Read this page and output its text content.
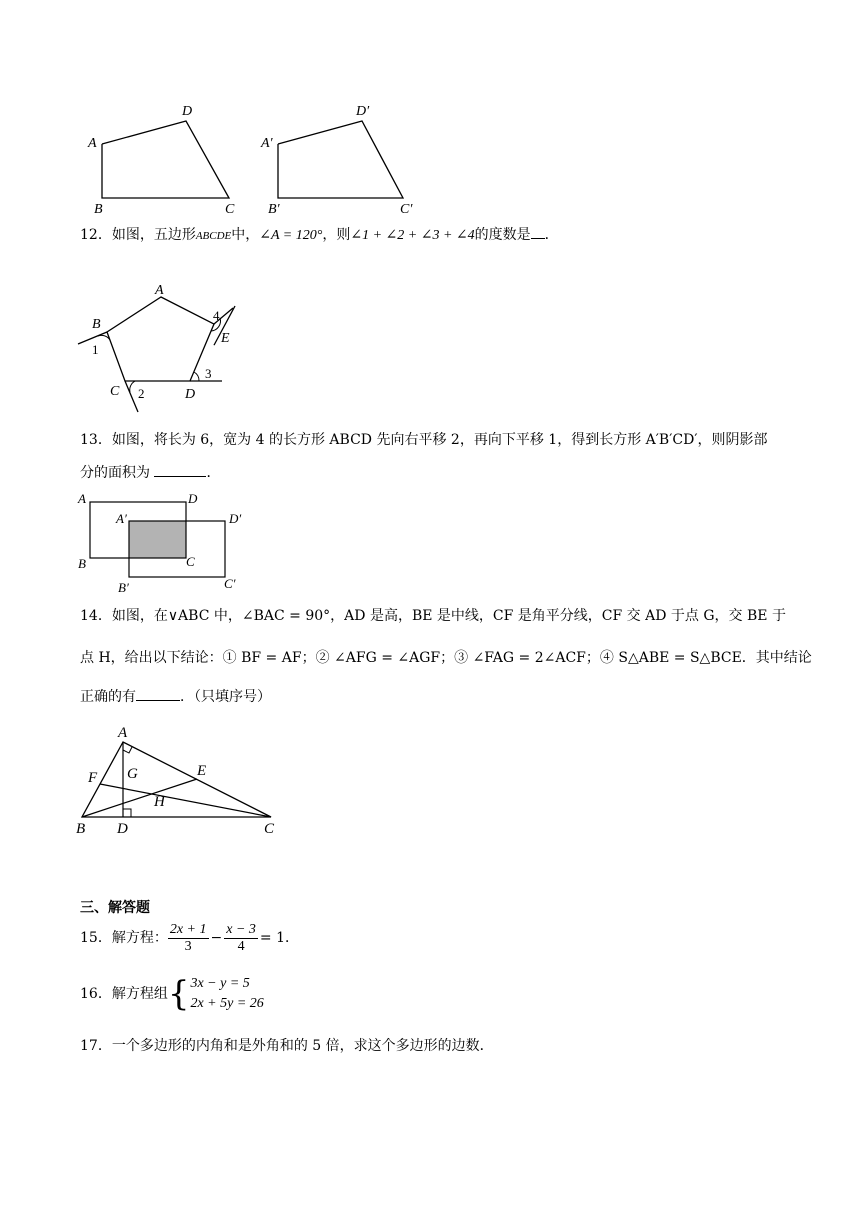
A
D
B	C
A′
D′
B′	C′
12．如图，五边形ABCDE中，∠A = 120°，则∠1 + ∠2 + ∠3 + ∠4的度数是 ．
A
B
C	D
E
1
2
3
4
13．如图，将长为 6，宽为 4 的长方形 ABCD 先向右平移 2，再向下平移 1，得到长方形 A′B′CD′，则阴影部
分的面积为	．
A	D
B	C
A′	D′
B′	C′
14．如图，在∨ABC 中，∠BAC = 90°，AD 是高，BE 是中线，CF 是角平分线，CF 交 AD 于点 G，交 BE 于
点 H，给出以下结论：① BF = AF；② ∠AFG = ∠AGF；③ ∠FAG = 2∠ACF；④ S△ABE = S△BCE．其中结论
正确的有	．（只填序号）
A
B	C
D
E
F G
H
三、解答题
15．解方程： $\frac{2x + 1}{3} - \frac{x - 3}{4} = 1$．
16．解方程组 { 3x − y = 5
2x + 5y = 26
17．一个多边形的内角和是外角和的 5 倍，求这个多边形的边数．
